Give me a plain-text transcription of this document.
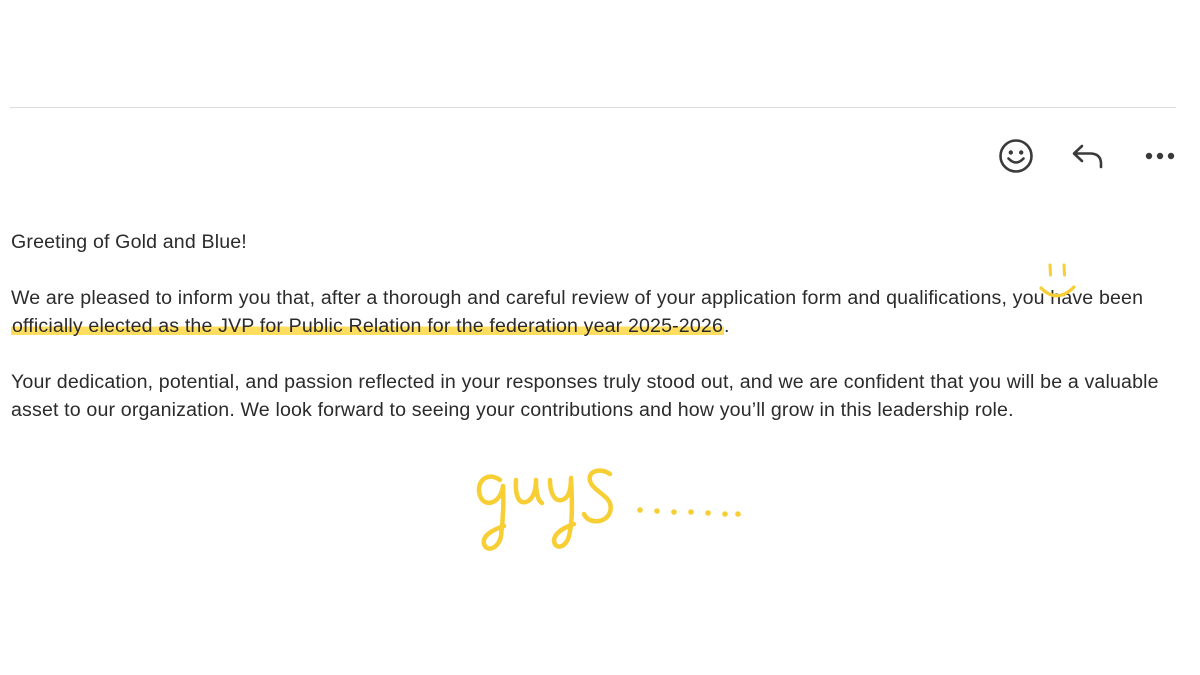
Greeting of Gold and Blue!

We are pleased to inform you that, after a thorough and careful review of your application form and qualifications, you have been officially elected as the JVP for Public Relation for the federation year 2025-2026.

Your dedication, potential, and passion reflected in your responses truly stood out, and we are confident that you will be a valuable asset to our organization. We look forward to seeing your contributions and how you’ll grow in this leadership role.
